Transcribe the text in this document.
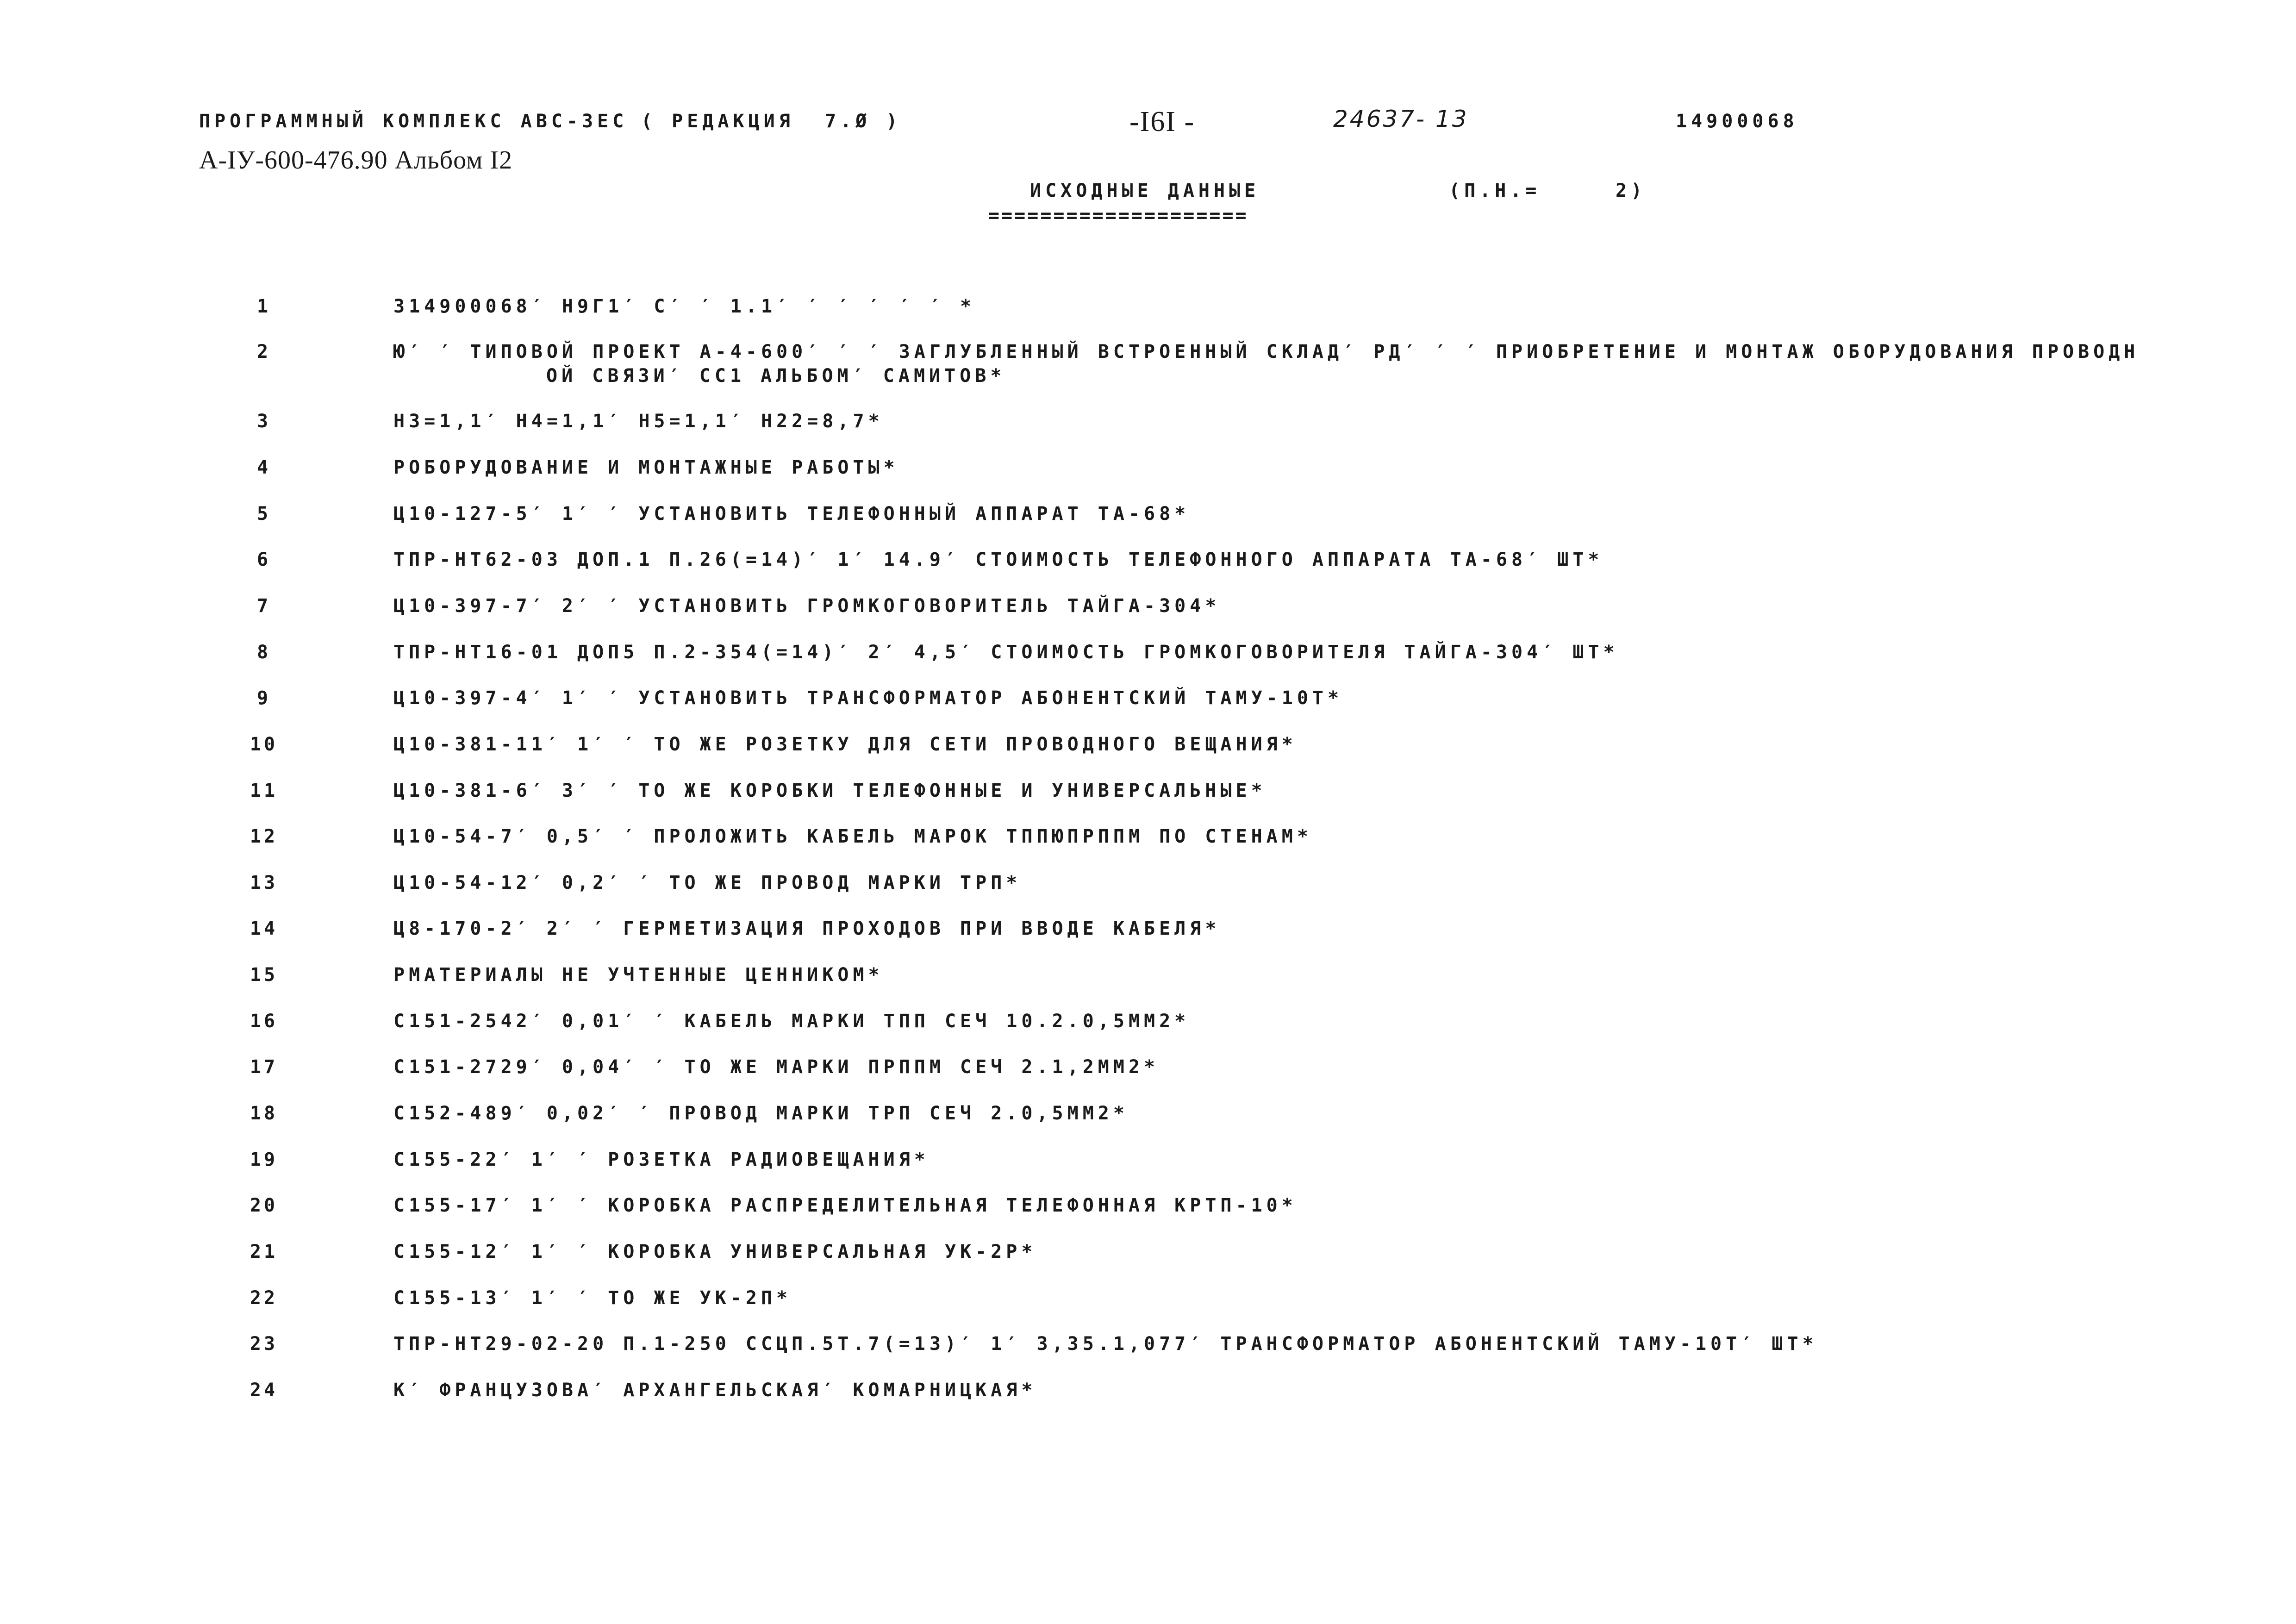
ПРОГРАММНЫЙ КОМПЛЕКС АВС-3ЕС ( РЕДАКЦИЯ  7.Ø )	-I6I -	24637- 13	14900068
А-IУ-600-476.90 Альбом I2
ИСХОДНЫЕ ДАННЫЕ
====================
(П.Н.=	2)
1	314900068′ Н9Г1′ С′ ′ 1.1′ ′ ′ ′ ′ ′ *
2	Ю′ ′ ТИПОВОЙ ПРОЕКТ А-4-600′ ′ ′ ЗАГЛУБЛЕННЫЙ ВСТРОЕННЫЙ СКЛАД′ РД′ ′ ′ ПРИОБРЕТЕНИЕ И МОНТАЖ ОБОРУДОВАНИЯ ПРОВОДН
ОЙ СВЯЗИ′ СС1 АЛЬБОМ′ САМИТОВ*
3	Н3=1,1′ Н4=1,1′ Н5=1,1′ Н22=8,7*
4	РОБОРУДОВАНИЕ И МОНТАЖНЫЕ РАБОТЫ*
5	Ц10-127-5′ 1′ ′ УСТАНОВИТЬ ТЕЛЕФОННЫЙ АППАРАТ ТА-68*
6	ТПР-НТ62-03 ДОП.1 П.26(=14)′ 1′ 14.9′ СТОИМОСТЬ ТЕЛЕФОННОГО АППАРАТА ТА-68′ ШТ*
7	Ц10-397-7′ 2′ ′ УСТАНОВИТЬ ГРОМКОГОВОРИТЕЛЬ ТАЙГА-304*
8	ТПР-НТ16-01 ДОП5 П.2-354(=14)′ 2′ 4,5′ СТОИМОСТЬ ГРОМКОГОВОРИТЕЛЯ ТАЙГА-304′ ШТ*
9	Ц10-397-4′ 1′ ′ УСТАНОВИТЬ ТРАНСФОРМАТОР АБОНЕНТСКИЙ ТАМУ-10Т*
10	Ц10-381-11′ 1′ ′ ТО ЖЕ РОЗЕТКУ ДЛЯ СЕТИ ПРОВОДНОГО ВЕЩАНИЯ*
11	Ц10-381-6′ 3′ ′ ТО ЖЕ КОРОБКИ ТЕЛЕФОННЫЕ И УНИВЕРСАЛЬНЫЕ*
12	Ц10-54-7′ 0,5′ ′ ПРОЛОЖИТЬ КАБЕЛЬ МАРОК ТППЮПРППМ ПО СТЕНАМ*
13	Ц10-54-12′ 0,2′ ′ ТО ЖЕ ПРОВОД МАРКИ ТРП*
14	Ц8-170-2′ 2′ ′ ГЕРМЕТИЗАЦИЯ ПРОХОДОВ ПРИ ВВОДЕ КАБЕЛЯ*
15	РМАТЕРИАЛЫ НЕ УЧТЕННЫЕ ЦЕННИКОМ*
16	С151-2542′ 0,01′ ′ КАБЕЛЬ МАРКИ ТПП СЕЧ 10.2.0,5ММ2*
17	С151-2729′ 0,04′ ′ ТО ЖЕ МАРКИ ПРППМ СЕЧ 2.1,2ММ2*
18	С152-489′ 0,02′ ′ ПРОВОД МАРКИ ТРП СЕЧ 2.0,5ММ2*
19	С155-22′ 1′ ′ РОЗЕТКА РАДИОВЕЩАНИЯ*
20	С155-17′ 1′ ′ КОРОБКА РАСПРЕДЕЛИТЕЛЬНАЯ ТЕЛЕФОННАЯ КРТП-10*
21	С155-12′ 1′ ′ КОРОБКА УНИВЕРСАЛЬНАЯ УК-2Р*
22	С155-13′ 1′ ′ ТО ЖЕ УК-2П*
23	ТПР-НТ29-02-20 П.1-250 ССЦП.5Т.7(=13)′ 1′ 3,35.1,077′ ТРАНСФОРМАТОР АБОНЕНТСКИЙ ТАМУ-10Т′ ШТ*
24	К′ ФРАНЦУЗОВА′ АРХАНГЕЛЬСКАЯ′ КОМАРНИЦКАЯ*
